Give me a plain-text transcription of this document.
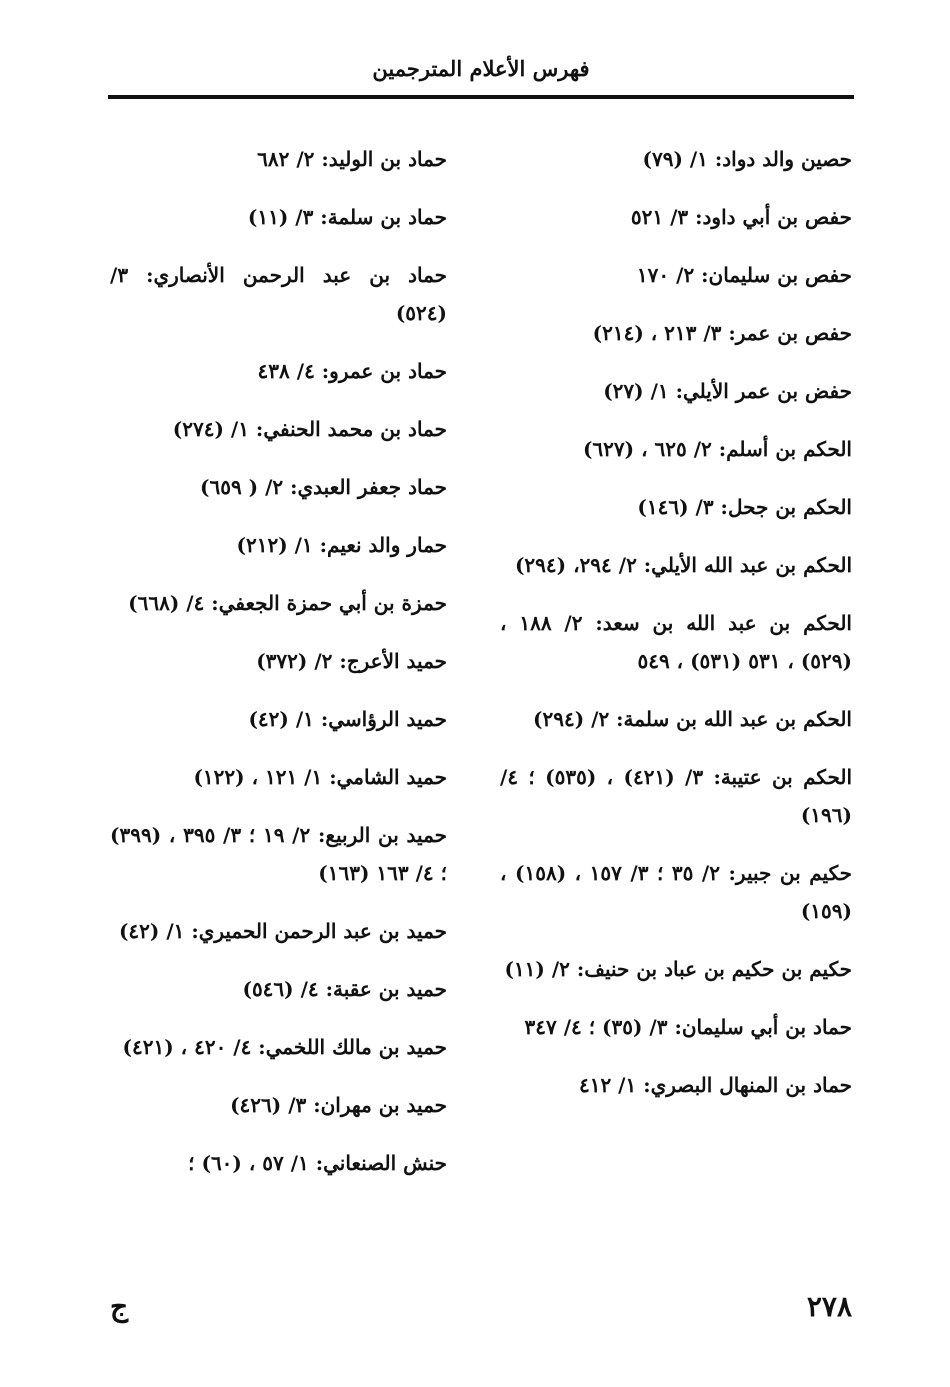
فهرس الأعلام المترجمين

حصين والد دواد: ١/ (٧٩)

حفص بن أبي داود: ٣/ ٥٢١

حفص بن سليمان: ٢/ ١٧٠

حفص بن عمر: ٣/ ٢١٣ ، (٢١٤)

حفض بن عمر الأيلي: ١/ (٢٧)

الحكم بن أسلم: ٢/ ٦٢٥ ، (٦٢٧)

الحكم بن جحل: ٣/ (١٤٦)

الحكم بن عبد الله الأيلي: ٢/ ٢٩٤، (٢٩٤)

الحكم بن عبد الله بن سعد: ٢/ ١٨٨ ، (٥٢٩) ، ٥٣١ (٥٣١) ، ٥٤٩

الحكم بن عبد الله بن سلمة: ٢/ (٢٩٤)

الحكم بن عتيبة: ٣/ (٤٢١) ، (٥٣٥) ؛ ٤/ (١٩٦)

حكيم بن جبير: ٢/ ٣٥ ؛ ٣/ ١٥٧ ، (١٥٨) ، (١٥٩)

حكيم بن حكيم بن عباد بن حنيف: ٢/ (١١)

حماد بن أبي سليمان: ٣/ (٣٥) ؛ ٤/ ٣٤٧

حماد بن المنهال البصري: ١/ ٤١٢

حماد بن الوليد: ٢/ ٦٨٢

حماد بن سلمة: ٣/ (١١)

حماد بن عبد الرحمن الأنصاري: ٣/ (٥٢٤)

حماد بن عمرو: ٤/ ٤٣٨

حماد بن محمد الحنفي: ١/ (٢٧٤)

حماد جعفر العبدي: ٢/ ( ٦٥٩)

حمار والد نعيم: ١/ (٢١٢)

حمزة بن أبي حمزة الجعفي: ٤/ (٦٦٨)

حميد الأعرج: ٢/ (٣٧٢)

حميد الرؤاسي: ١/ (٤٢)

حميد الشامي: ١/ ١٢١ ، (١٢٢)

حميد بن الربيع: ٢/ ١٩ ؛ ٣/ ٣٩٥ ، (٣٩٩) ؛ ٤/ ١٦٣ (١٦٣)

حميد بن عبد الرحمن الحميري: ١/ (٤٢)

حميد بن عقبة: ٤/ (٥٤٦)

حميد بن مالك اللخمي: ٤/ ٤٢٠ ، (٤٢١)

حميد بن مهران: ٣/ (٤٢٦)

حنش الصنعاني: ١/ ٥٧ ، (٦٠) ؛

٢٧٨
ج
